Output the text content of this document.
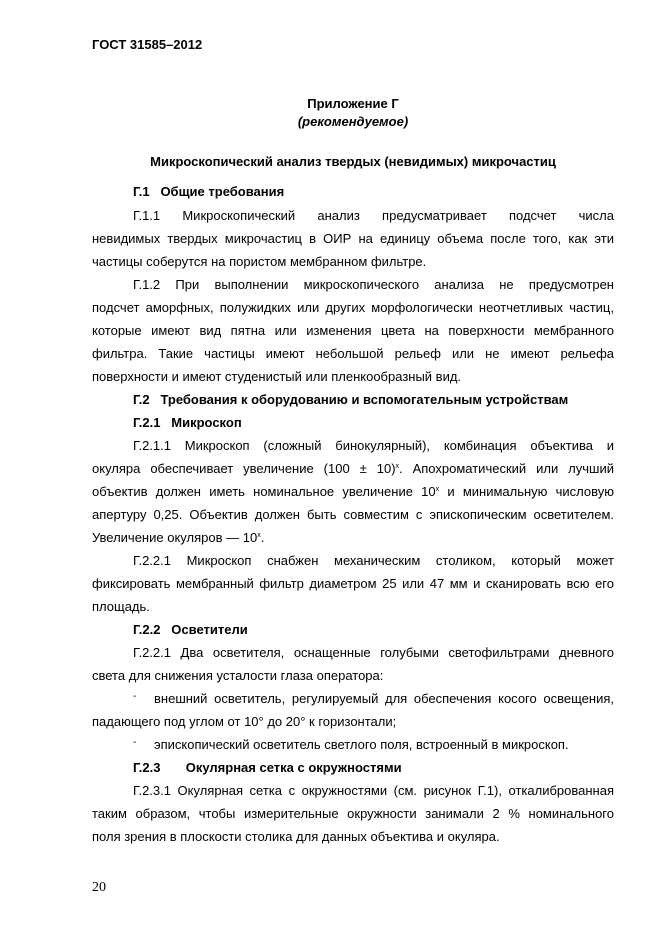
ГОСТ 31585–2012
Приложение Г
(рекомендуемое)
Микроскопический анализ твердых (невидимых) микрочастиц
Г.1 Общие требования
Г.1.1 Микроскопический анализ предусматривает подсчет числа
невидимых твердых микрочастиц в ОИР на единицу объема после того, как эти
частицы соберутся на пористом мембранном фильтре.
Г.1.2 При выполнении микроскопического анализа не предусмотрен
подсчет аморфных, полужидких или других морфологически неотчетливых частиц,
которые имеют вид пятна или изменения цвета на поверхности мембранного
фильтра. Такие частицы имеют небольшой рельеф или не имеют рельефа
поверхности и имеют студенистый или пленкообразный вид.
Г.2 Требования к оборудованию и вспомогательным устройствам
Г.2.1 Микроскоп
Г.2.1.1 Микроскоп (сложный бинокулярный), комбинация объектива и
окуляра обеспечивает увеличение $(100 \pm 10)^x$. Апохроматический или лучший
объектив должен иметь номинальное увеличение 10$^x$ и минимальную числовую
апертуру 0,25. Объектив должен быть совместим с эпископическим осветителем.
Увеличение окуляров — 10$^x$.
Г.2.2.1 Микроскоп снабжен механическим столиком, который может
фиксировать мембранный фильтр диаметром 25 или 47 мм и сканировать всю его
площадь.
Г.2.2 Осветители
Г.2.2.1 Два осветителя, оснащенные голубыми светофильтрами дневного
света для снижения усталости глаза оператора:
- внешний осветитель, регулируемый для обеспечения косого освещения,
падающего под углом от 10° до 20° к горизонтали;
- эпископический осветитель светлого поля, встроенный в микроскоп.
Г.2.3 Окулярная сетка с окружностями
Г.2.3.1 Окулярная сетка с окружностями (см. рисунок Г.1), откалиброванная
таким образом, чтобы измерительные окружности занимали 2 % номинального
поля зрения в плоскости столика для данных объектива и окуляра.
20
